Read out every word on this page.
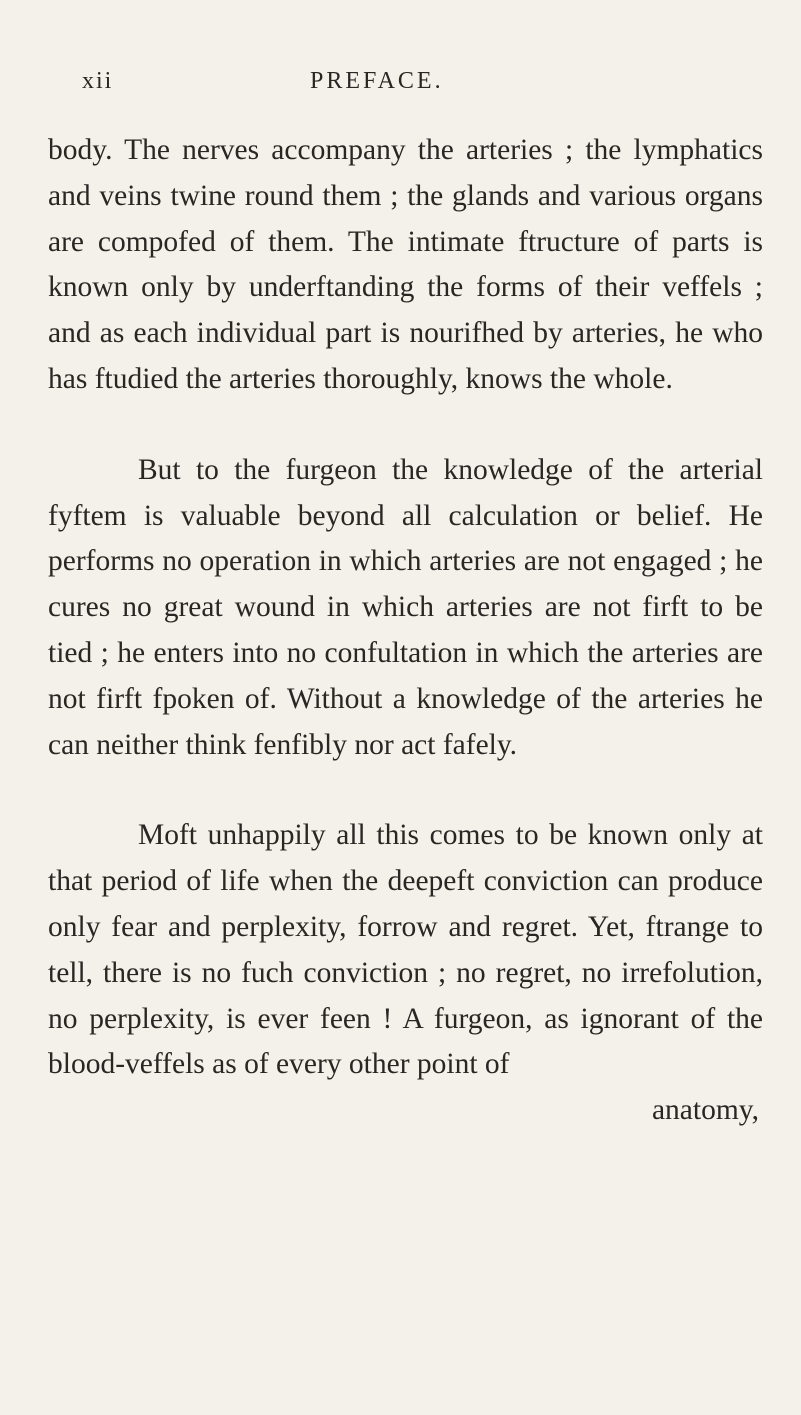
xii	PREFACE.

body. The nerves accompany the arteries ; the lymphatics and veins twine round them ; the glands and various organs are compofed of them. The intimate ftructure of parts is known only by underftanding the forms of their veffels ; and as each individual part is nourifhed by arteries, he who has ftudied the arteries thoroughly, knows the whole.

But to the furgeon the knowledge of the arterial fyftem is valuable beyond all calculation or belief. He performs no operation in which arteries are not engaged ; he cures no great wound in which arteries are not firft to be tied ; he enters into no confultation in which the arteries are not firft fpoken of. Without a knowledge of the arteries he can neither think fenfibly nor act fafely.

Moft unhappily all this comes to be known only at that period of life when the deepeft conviction can produce only fear and perplexity, forrow and regret. Yet, ftrange to tell, there is no fuch conviction ; no regret, no irrefolution, no perplexity, is ever feen ! A furgeon, as ignorant of the blood-veffels as of every other point of

anatomy,
